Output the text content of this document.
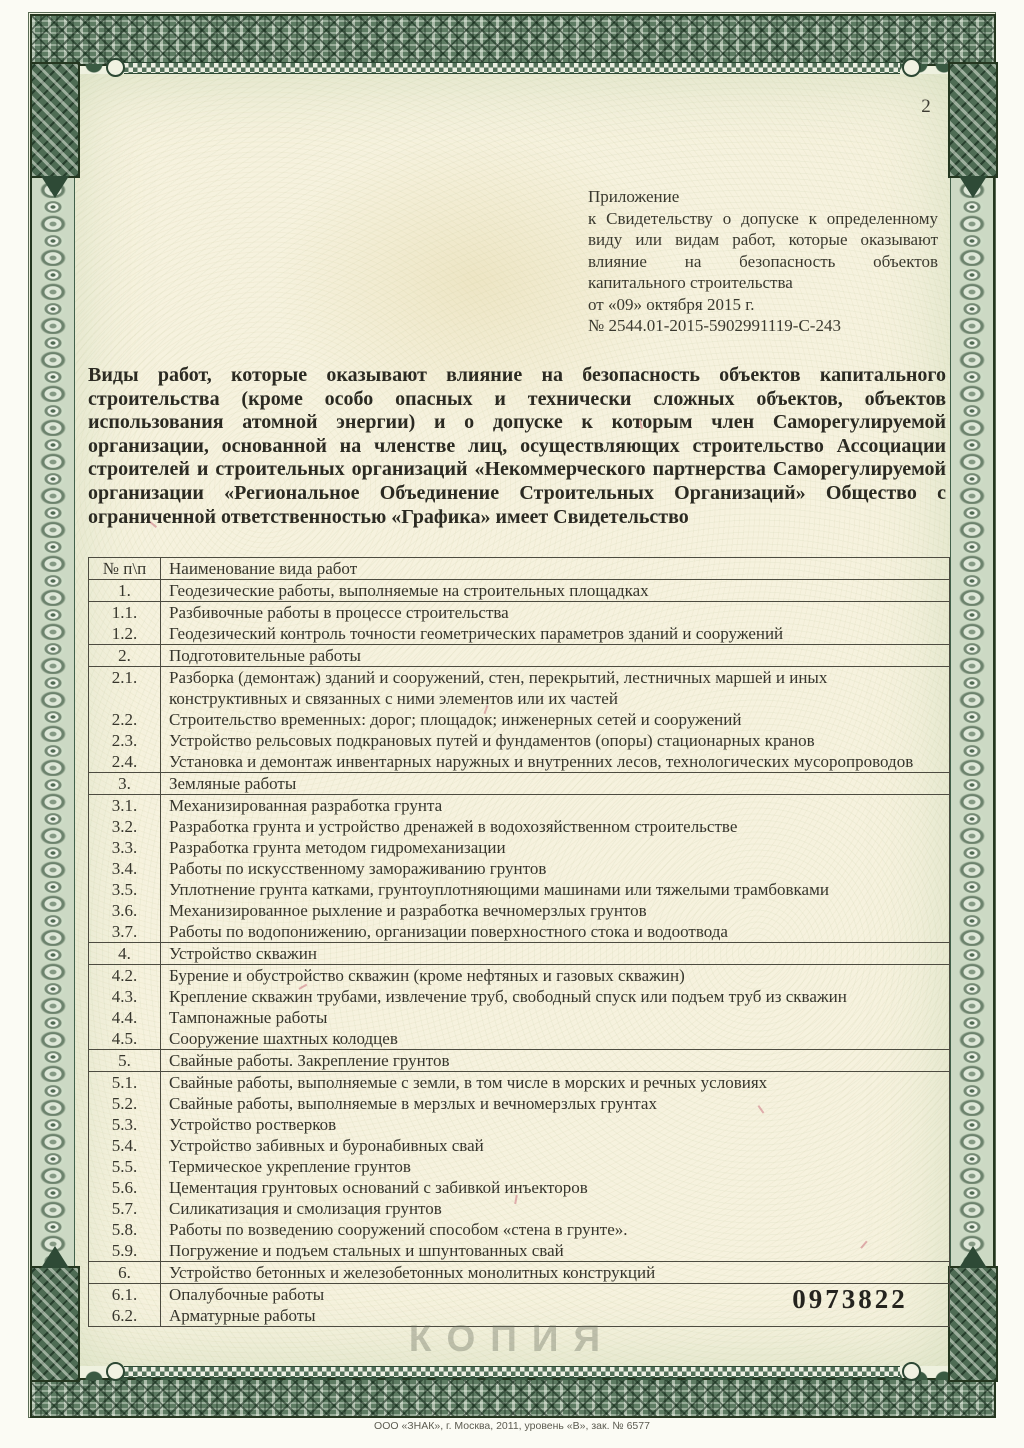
2

Приложение

к Свидетельству о допуске к определенному виду или видам работ, которые оказывают влияние на безопасность объектов капитального строительства

от «09» октября 2015 г.

№ 2544.01-2015-5902991119-С-243

Виды работ, которые оказывают влияние на безопасность объектов капитального строительства (кроме особо опасных и технически сложных объектов, объектов использования атомной энергии) и о допуске к которым член Саморегулируемой организации, основанной на членстве лиц, осуществляющих строительство Ассоциации строителей и строительных организаций «Некоммерческого партнерства Саморегулируемой организации «Региональное Объединение Строительных Организаций» Общество с ограниченной ответственностью «Графика» имеет Свидетельство
№ п\п	Наименование вида работ
1.	Геодезические работы, выполняемые на строительных площадках
1.1.	Разбивочные работы в процессе строительства
1.2.	Геодезический контроль точности геометрических параметров зданий и сооружений
2.	Подготовительные работы
2.1.	Разборка (демонтаж) зданий и сооружений, стен, перекрытий, лестничных маршей и иных конструктивных и связанных с ними элементов или их частей
2.2.	Строительство временных: дорог; площадок; инженерных сетей и сооружений
2.3.	Устройство рельсовых подкрановых путей и фундаментов (опоры) стационарных кранов
2.4.	Установка и демонтаж инвентарных наружных и внутренних лесов, технологических мусоропроводов
3.	Земляные работы
3.1.	Механизированная разработка грунта
3.2.	Разработка грунта и устройство дренажей в водохозяйственном строительстве
3.3.	Разработка грунта методом гидромеханизации
3.4.	Работы по искусственному замораживанию грунтов
3.5.	Уплотнение грунта катками, грунтоуплотняющими машинами или тяжелыми трамбовками
3.6.	Механизированное рыхление и разработка вечномерзлых грунтов
3.7.	Работы по водопонижению, организации поверхностного стока и водоотвода
4.	Устройство скважин
4.2.	Бурение и обустройство скважин (кроме нефтяных и газовых скважин)
4.3.	Крепление скважин трубами, извлечение труб, свободный спуск или подъем труб из скважин
4.4.	Тампонажные работы
4.5.	Сооружение шахтных колодцев
5.	Свайные работы. Закрепление грунтов
5.1.	Свайные работы, выполняемые с земли, в том числе в морских и речных условиях
5.2.	Свайные работы, выполняемые в мерзлых и вечномерзлых грунтах
5.3.	Устройство ростверков
5.4.	Устройство забивных и буронабивных свай
5.5.	Термическое укрепление грунтов
5.6.	Цементация грунтовых оснований с забивкой инъекторов
5.7.	Силикатизация и смолизация грунтов
5.8.	Работы по возведению сооружений способом «стена в грунте».
5.9.	Погружение и подъем стальных и шпунтованных свай
6.	Устройство бетонных и железобетонных монолитных конструкций
6.1.	Опалубочные работы
6.2.	Арматурные работы
0973822
КОПИЯ
ООО «ЗНАК», г. Москва, 2011, уровень «В», зак. № 6577
